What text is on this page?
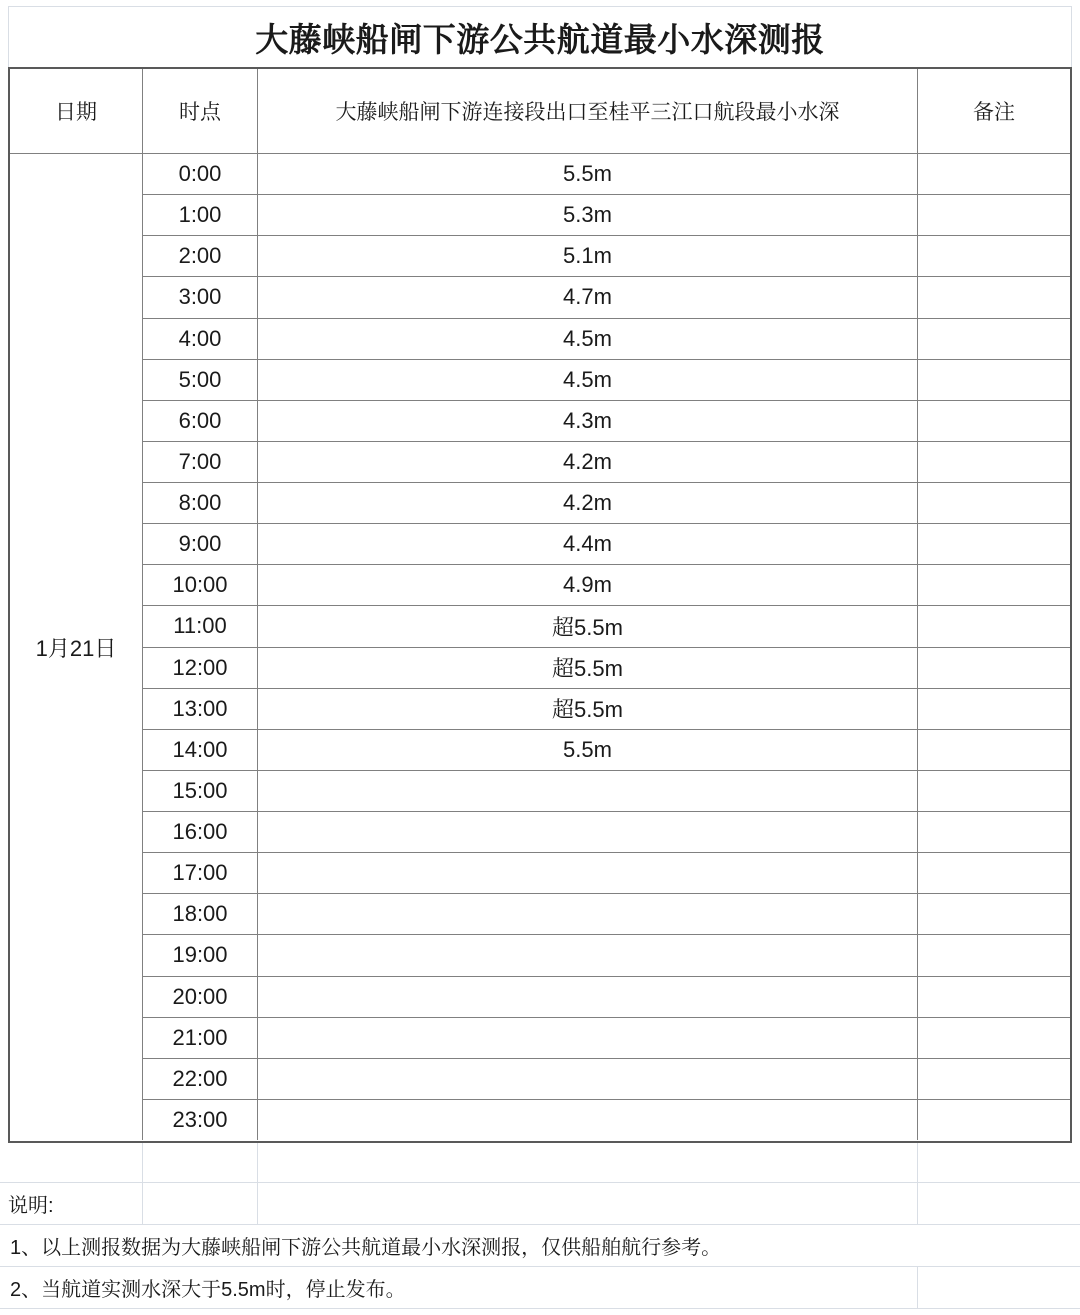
大藤峡船闸下游公共航道最小水深测报
日期	时点	大藤峡船闸下游连接段出口至桂平三江口航段最小水深	备注
1月21日
0:00	5.5m
1:00	5.3m
2:00	5.1m
3:00	4.7m
4:00	4.5m
5:00	4.5m
6:00	4.3m
7:00	4.2m
8:00	4.2m
9:00	4.4m
10:00	4.9m
11:00	超5.5m
12:00	超5.5m
13:00	超5.5m
14:00	5.5m
15:00
16:00
17:00
18:00
19:00
20:00
21:00
22:00
23:00
说明:
1、以上测报数据为大藤峡船闸下游公共航道最小水深测报，仅供船舶航行参考。
2、当航道实测水深大于5.5m时，停止发布。
